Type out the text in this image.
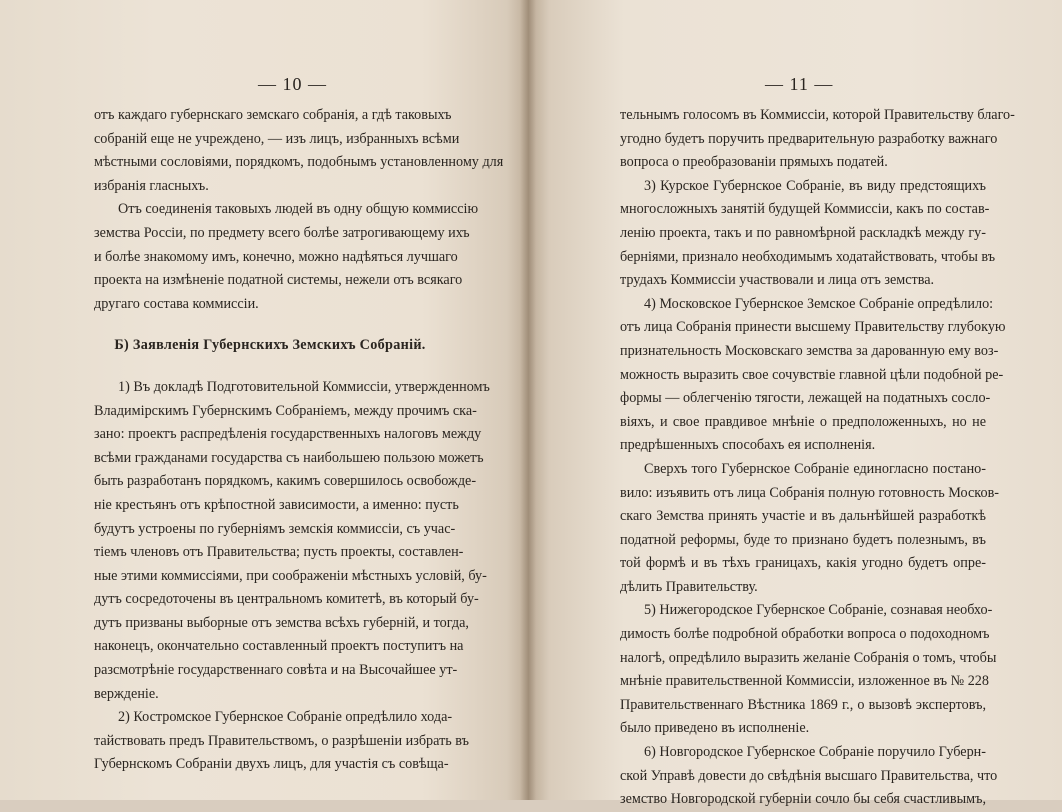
— 10 —
отъ каждаго губернскаго земскаго собранія, а гдѣ таковыхъ
собраній еще не учреждено, — изъ лицъ, избранныхъ всѣми
мѣстными сословіями, порядкомъ, подобнымъ установленному для
избранія гласныхъ.
Отъ соединенія таковыхъ людей въ одну общую коммиссію
земства Россіи, по предмету всего болѣе затрогивающему ихъ
и болѣе знакомому имъ, конечно, можно надѣяться лучшаго
проекта на измѣненіе податной системы, нежели отъ всякаго
другаго состава коммиссіи.
Б) Заявленія Губернскихъ Земскихъ Собраній.
1) Въ докладѣ Подготовительной Коммиссіи, утвержденномъ
Владимірскимъ Губернскимъ Собраніемъ, между прочимъ ска-
зано: проектъ распредѣленія государственныхъ налоговъ между
всѣми гражданами государства съ наибольшею пользою можетъ
быть разработанъ порядкомъ, какимъ совершилось освобожде-
ніе крестьянъ отъ крѣпостной зависимости, а именно: пусть
будутъ устроены по губерніямъ земскія коммиссіи, съ учас-
тіемъ членовъ отъ Правительства; пусть проекты, составлен-
ные этими коммиссіями, при соображеніи мѣстныхъ условій, бу-
дутъ сосредоточены въ центральномъ комитетѣ, въ который бу-
дутъ призваны выборные отъ земства всѣхъ губерній, и тогда,
наконецъ, окончательно составленный проектъ поступитъ на
разсмотрѣніе государственнаго совѣта и на Высочайшее ут-
вержденіе.
2) Костромское Губернское Собраніе опредѣлило хода-
тайствовать предъ Правительствомъ, о разрѣшеніи избрать въ
Губернскомъ Собраніи двухъ лицъ, для участія съ совѣща-
— 11 —
тельнымъ голосомъ въ Коммиссіи, которой Правительству благо-
угодно будетъ поручить предварительную разработку важнаго
вопроса о преобразованіи прямыхъ податей.
3) Курское Губернское Собраніе, въ виду предстоящихъ
многосложныхъ занятій будущей Коммиссіи, какъ по состав-
ленію проекта, такъ и по равномѣрной раскладкѣ между гу-
берніями, признало необходимымъ ходатайствовать, чтобы въ
трудахъ Коммиссіи участвовали и лица отъ земства.
4) Московское Губернское Земское Собраніе опредѣлило:
отъ лица Собранія принести высшему Правительству глубокую
признательность Московскаго земства за дарованную ему воз-
можность выразить свое сочувствіе главной цѣли подобной ре-
формы — облегченію тягости, лежащей на податныхъ сосло-
віяхъ, и свое правдивое мнѣніе о предположенныхъ, но не
предрѣшенныхъ способахъ ея исполненія.
Сверхъ того Губернское Собраніе единогласно постано-
вило: изъявить отъ лица Собранія полную готовность Москов-
скаго Земства принять участіе и въ дальнѣйшей разработкѣ
податной реформы, буде то признано будетъ полезнымъ, въ
той формѣ и въ тѣхъ границахъ, какія угодно будетъ опре-
дѣлить Правительству.
5) Нижегородское Губернское Собраніе, сознавая необхо-
димость болѣе подробной обработки вопроса о подоходномъ
налогѣ, опредѣлило выразить желаніе Собранія о томъ, чтобы
мнѣніе правительственной Коммиссіи, изложенное въ № 228
Правительственнаго Вѣстника 1869 г., о вызовѣ экспертовъ,
было приведено въ исполненіе.
6) Новгородское Губернское Собраніе поручило Губерн-
ской Управѣ довести до свѣдѣнія высшаго Правительства, что
земство Новгородской губерніи сочло бы себя счастливымъ,
